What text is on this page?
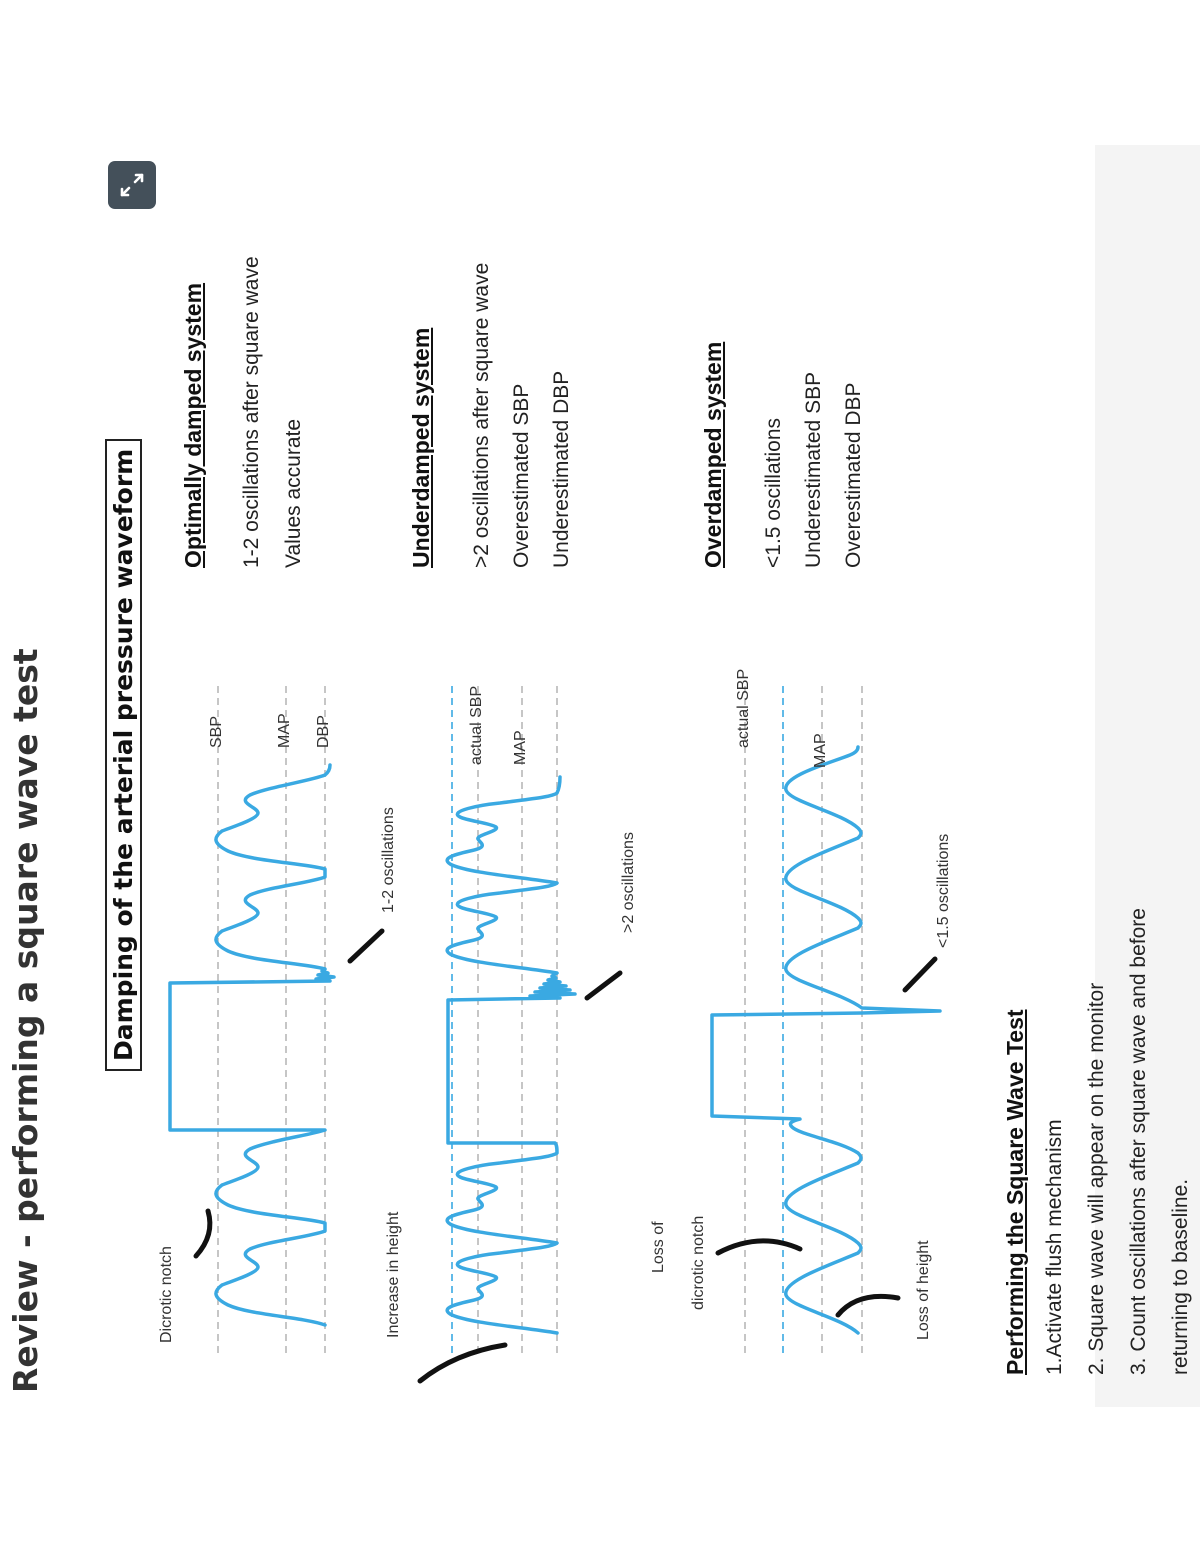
Review - performing a square wave test	Damping of the arterial pressure waveform
Dicrotic notch
SBP	MAP DBP
1-2 oscillations
Increase in height
actual SBP MAP
>2 oscillations
Loss of dicrotic notch
actual SBP
MAP
Loss of height
<1.5 oscillations
Optimally damped system 1-2 oscillations after square wave Values accurate	Underdamped system >2 oscillations after square wave Overestimated SBP Underestimated DBP	Overdamped system <1.5 oscillations Underestimated SBP Overestimated DBP
Performing the Square Wave Test 1.Activate flush mechanism 2. Square wave will appear on the monitor 3. Count oscillations after square wave and before returning to baseline.
